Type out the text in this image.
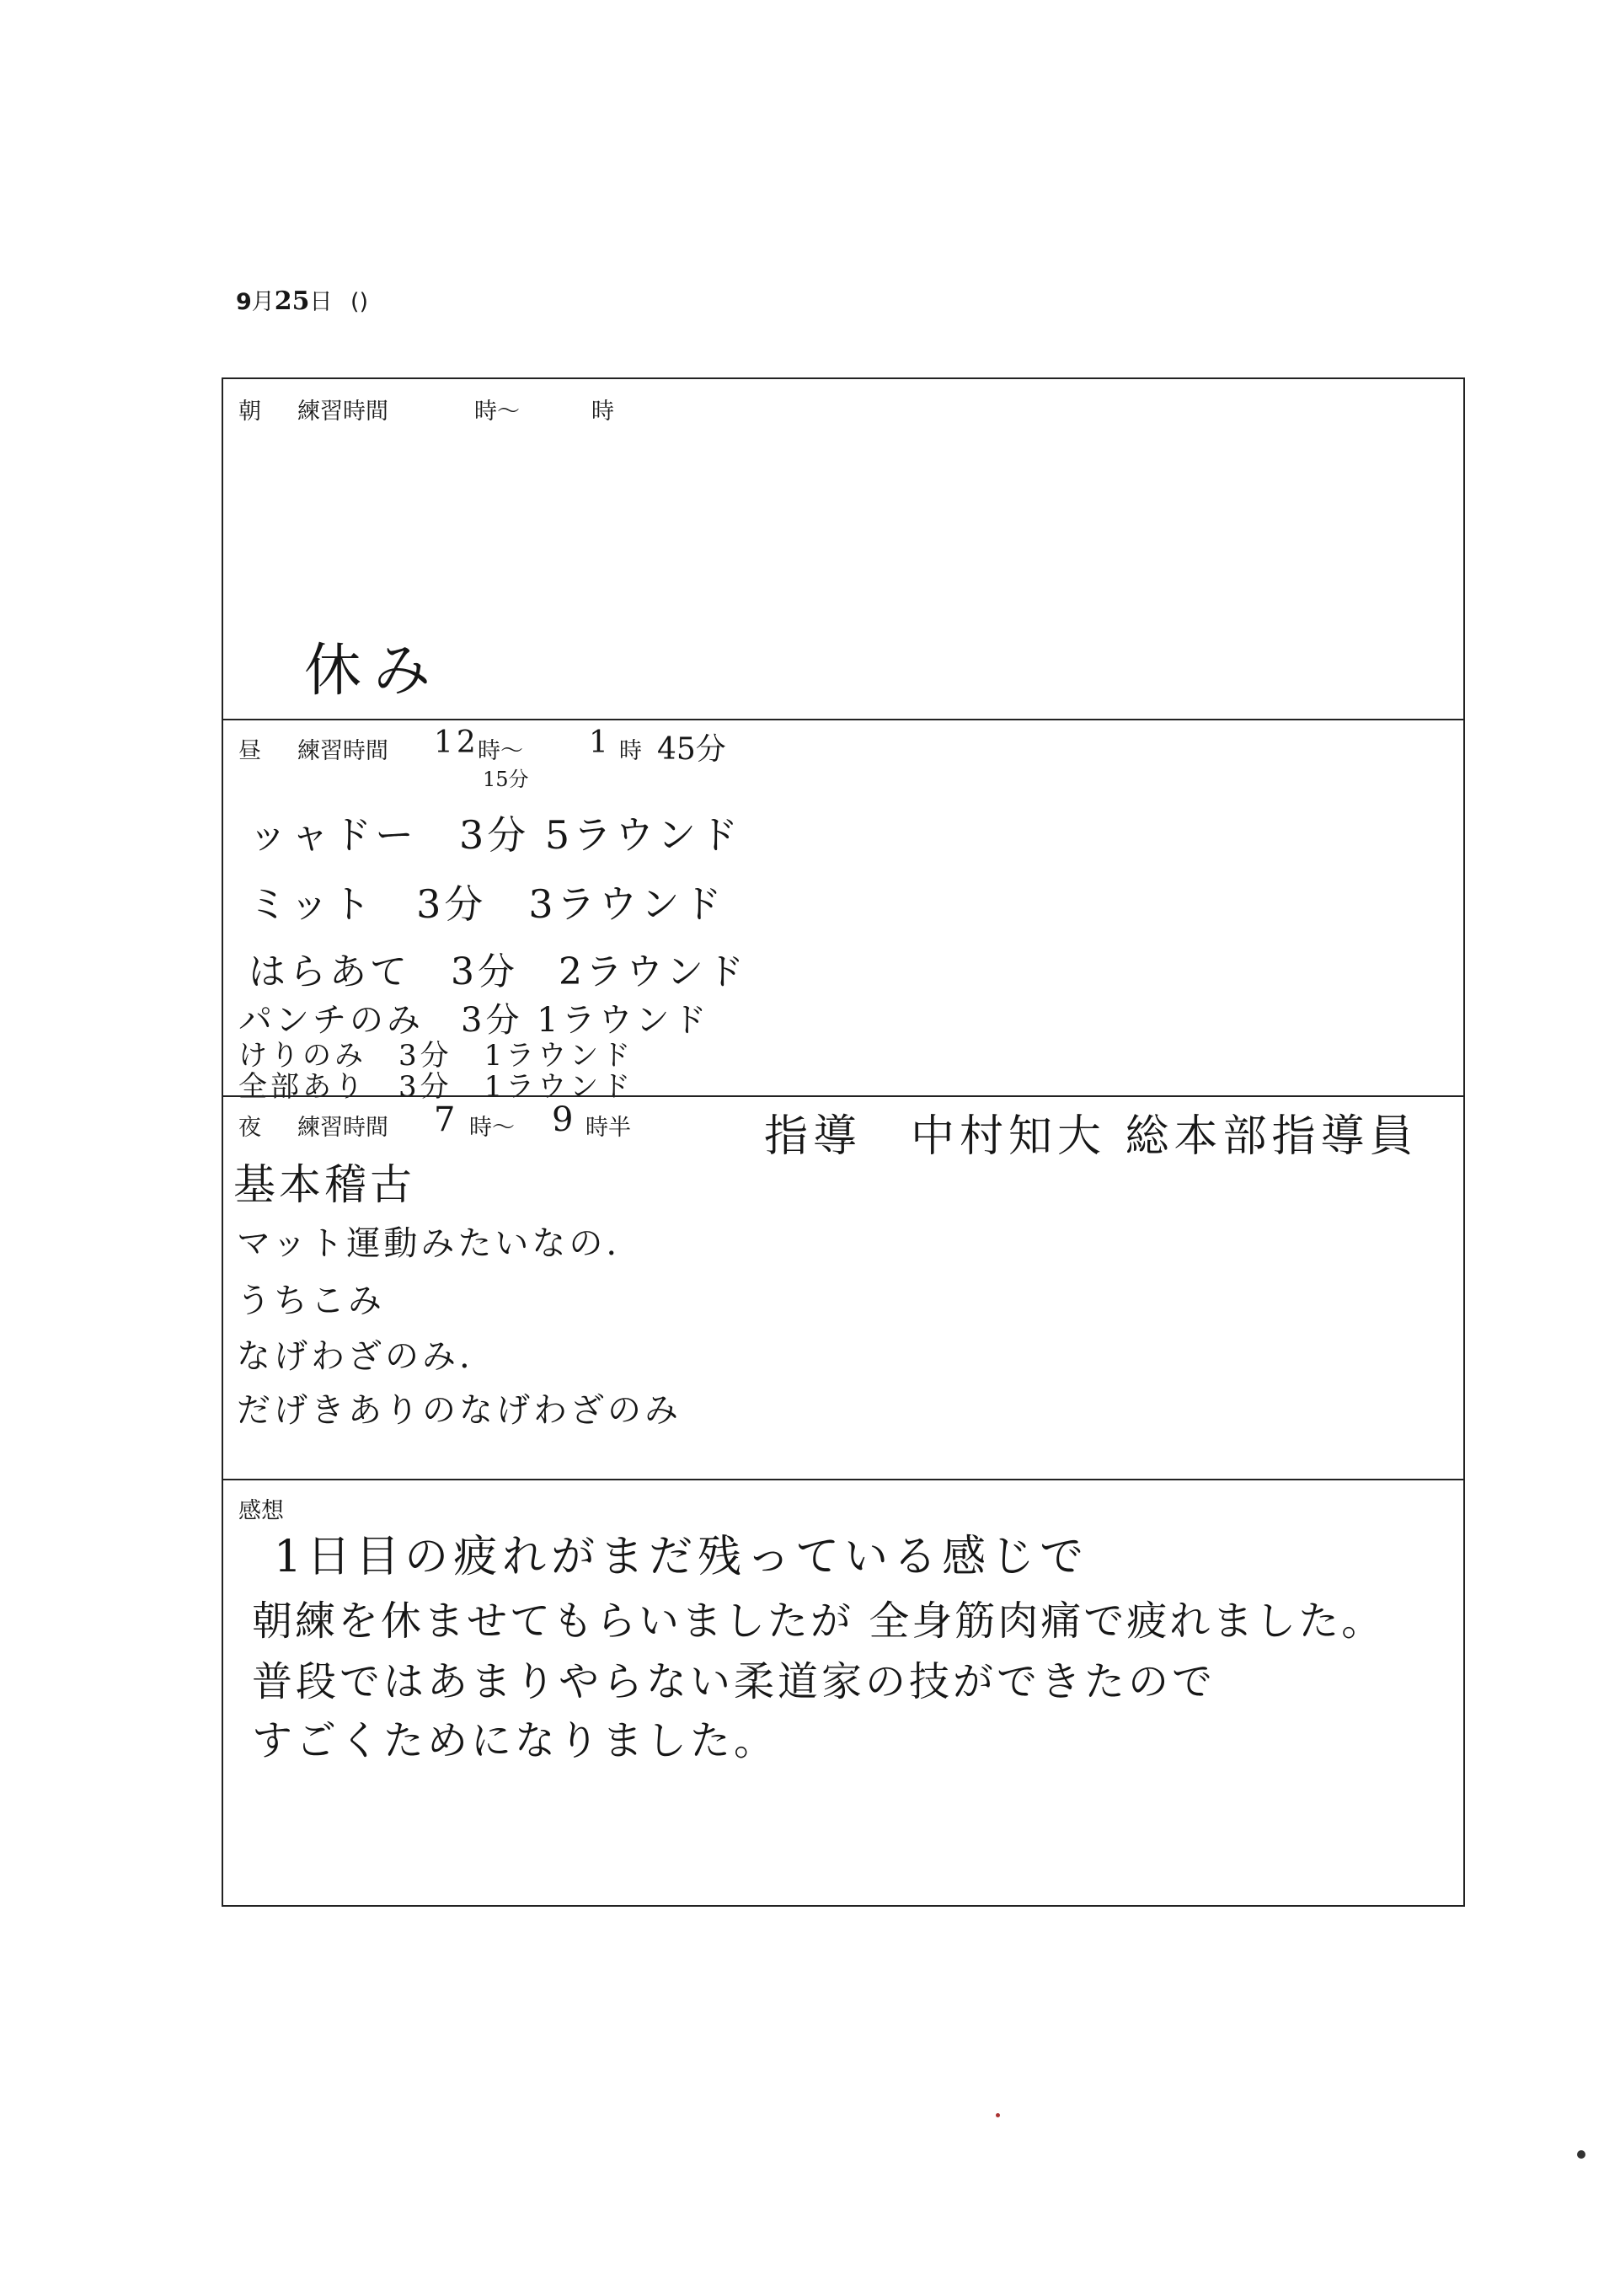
9月25日 ()
朝 練習時間	時～	時
休み
昼 練習時間 12
時～
15分
1 時 45分
ッャドー　3分 5ラウンド
ミット　3分　3ラウンド
はらあて　3分　2ラウンド
パンチのみ　3分 1ラウンド
けりのみ　3分　1ラウンド
全部あり　3分　1ラウンド
夜 練習時間 7 時～ 9 時半	指導　中村知大 総本部指導員
基本稽古
マット運動みたいなの.
うちこみ
なげわざのみ.
だげきありのなげわざのみ
感想
1日目の疲れがまだ残っている感じで
朝練を休ませてもらいましたが 全身筋肉痛で疲れました。
普段ではあまりやらない柔道家の技ができたので
すごくためになりました。
